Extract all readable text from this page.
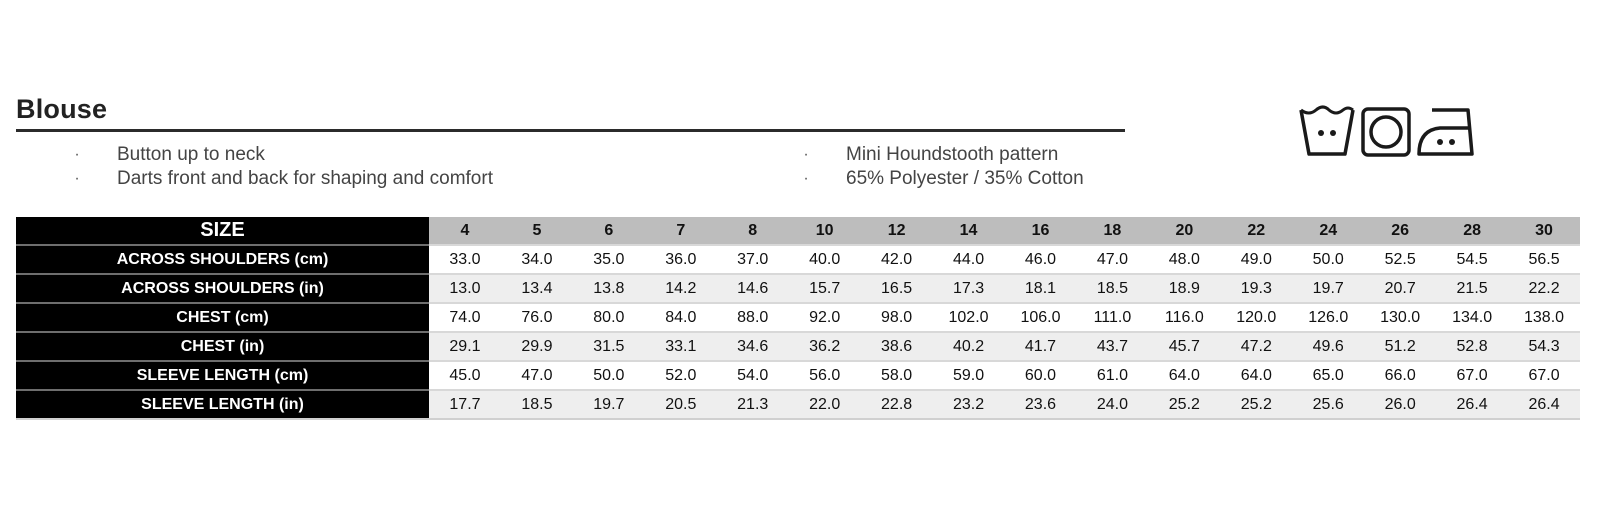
Blouse
·	Button up to neck
·	Darts front and back for shaping and comfort
·	Mini Houndstooth pattern
·	65% Polyester / 35% Cotton
SIZE	4	5	6	7	8	10	12	14	16	18	20	22	24	26	28	30
ACROSS SHOULDERS (cm)	33.0	34.0	35.0	36.0	37.0	40.0	42.0	44.0	46.0	47.0	48.0	49.0	50.0	52.5	54.5	56.5
ACROSS SHOULDERS (in)	13.0	13.4	13.8	14.2	14.6	15.7	16.5	17.3	18.1	18.5	18.9	19.3	19.7	20.7	21.5	22.2
CHEST (cm)	74.0	76.0	80.0	84.0	88.0	92.0	98.0	102.0	106.0	111.0	116.0	120.0	126.0	130.0	134.0	138.0
CHEST (in)	29.1	29.9	31.5	33.1	34.6	36.2	38.6	40.2	41.7	43.7	45.7	47.2	49.6	51.2	52.8	54.3
SLEEVE LENGTH (cm)	45.0	47.0	50.0	52.0	54.0	56.0	58.0	59.0	60.0	61.0	64.0	64.0	65.0	66.0	67.0	67.0
SLEEVE LENGTH (in)	17.7	18.5	19.7	20.5	21.3	22.0	22.8	23.2	23.6	24.0	25.2	25.2	25.6	26.0	26.4	26.4
